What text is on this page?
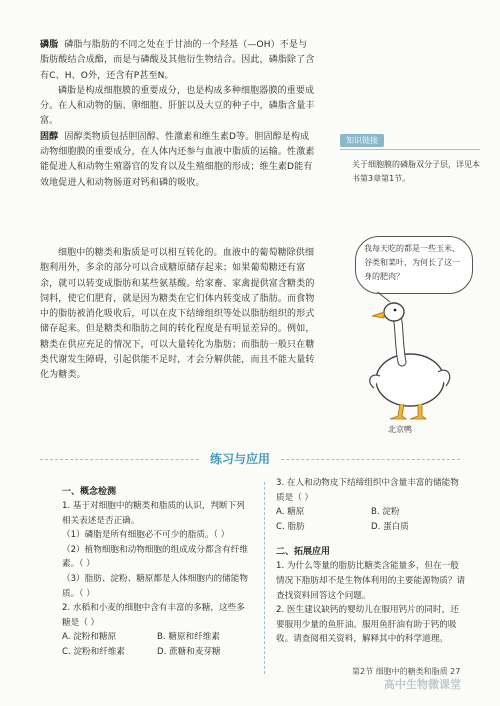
磷脂 磷脂与脂肪的不同之处在于甘油的一个羟基（—OH）不是与脂肪酸结合成酯，而是与磷酸及其他衍生物结合。因此，磷脂除了含有C、H、O外，还含有P甚至N。

磷脂是构成细胞膜的重要成分，也是构成多种细胞器膜的重要成分。在人和动物的脑、卵细胞、肝脏以及大豆的种子中，磷脂含量丰富。

固醇 固醇类物质包括胆固醇、性激素和维生素D等。胆固醇是构成动物细胞膜的重要成分，在人体内还参与血液中脂质的运输。性激素能促进人和动物生殖器官的发育以及生殖细胞的形成；维生素D能有效地促进人和动物肠道对钙和磷的吸收。

细胞中的糖类和脂质是可以相互转化的。血液中的葡萄糖除供细胞利用外，多余的部分可以合成糖原储存起来；如果葡萄糖还有富余，就可以转变成脂肪和某些氨基酸。给家畜、家禽提供富含糖类的饲料，使它们肥育，就是因为糖类在它们体内转变成了脂肪。而食物中的脂肪被消化吸收后，可以在皮下结缔组织等处以脂肪组织的形式储存起来。但是糖类和脂肪之间的转化程度是有明显差异的。例如，糖类在供应充足的情况下，可以大量转化为脂肪；而脂肪一般只在糖类代谢发生障碍，引起供能不足时，才会分解供能，而且不能大量转化为糖类。

知识链接

关于细胞膜的磷脂双分子层，详见本书第3章第1节。

我每天吃的都是一些玉米、谷类和菜叶，为何长了这一身的肥肉？
北京鸭
练习与应用
一、概念检测

1. 基于对细胞中的糖类和脂质的认识，判断下列相关表述是否正确。

（1）磷脂是所有细胞必不可少的脂质。（ ）

（2）植物细胞和动物细胞的组成成分都含有纤维素。（ ）

（3）脂肪、淀粉、糖原都是人体细胞内的储能物质。（ ）

2. 水稻和小麦的细胞中含有丰富的多糖，这些多糖是（ ）

A. 淀粉和糖原	B. 糖原和纤维素
C. 淀粉和纤维素	D. 蔗糖和麦芽糖

3. 在人和动物皮下结缔组织中含量丰富的储能物质是（ ）

A. 糖原	B. 淀粉
C. 脂肪	D. 蛋白质
二、拓展应用

1. 为什么等量的脂肪比糖类含能量多，但在一般情况下脂肪却不是生物体利用的主要能源物质？请查找资料回答这个问题。

2. 医生建议缺钙的婴幼儿在服用钙片的同时，还要服用少量的鱼肝油。服用鱼肝油有助于钙的吸收。请查阅相关资料，解释其中的科学道理。

第2节 细胞中的糖类和脂质 27
高中生物微课堂
